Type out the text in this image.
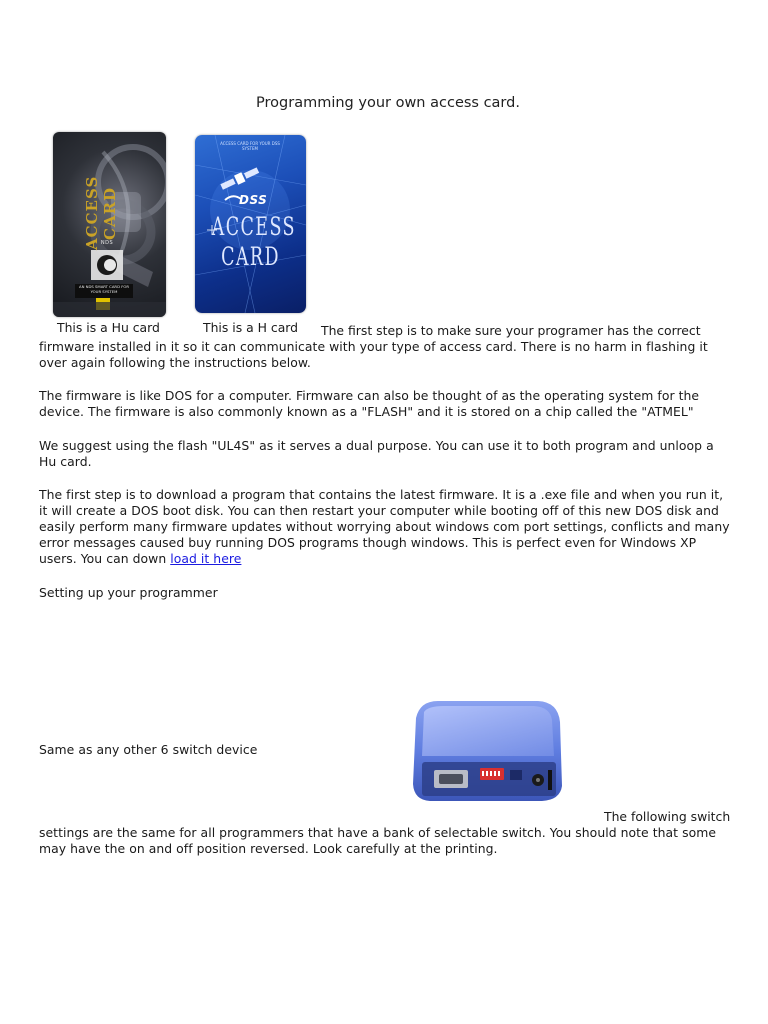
Programming your own access card.
ACCESS CARD
NDS
AN NDS SMART CARD FOR YOUR SYSTEM
ACCESS CARD FOR YOUR DSS SYSTEM
DSS
ACCESS
CARD
This is a Hu card	This is a H card The first step is to make sure your programer has the correct
firmware installed in it so it can communicate with your type of access card. There is no harm in flashing it
over again following the instructions below.
The firmware is like DOS for a computer. Firmware can also be thought of as the operating system for the
device. The firmware is also commonly known as a "FLASH" and it is stored on a chip called the "ATMEL"
We suggest using the flash "UL4S" as it serves a dual purpose. You can use it to both program and unloop a
Hu card.
The first step is to download a program that contains the latest firmware. It is a .exe file and when you run it,
it will create a DOS boot disk. You can then restart your computer while booting off of this new DOS disk and
easily perform many firmware updates without worrying about windows com port settings, conflicts and many
error messages caused buy running DOS programs though windows. This is perfect even for Windows XP
users. You can down load it here
Setting up your programmer
Same as any other 6 switch device
The following switch
settings are the same for all programmers that have a bank of selectable switch. You should note that some
may have the on and off position reversed. Look carefully at the printing.
